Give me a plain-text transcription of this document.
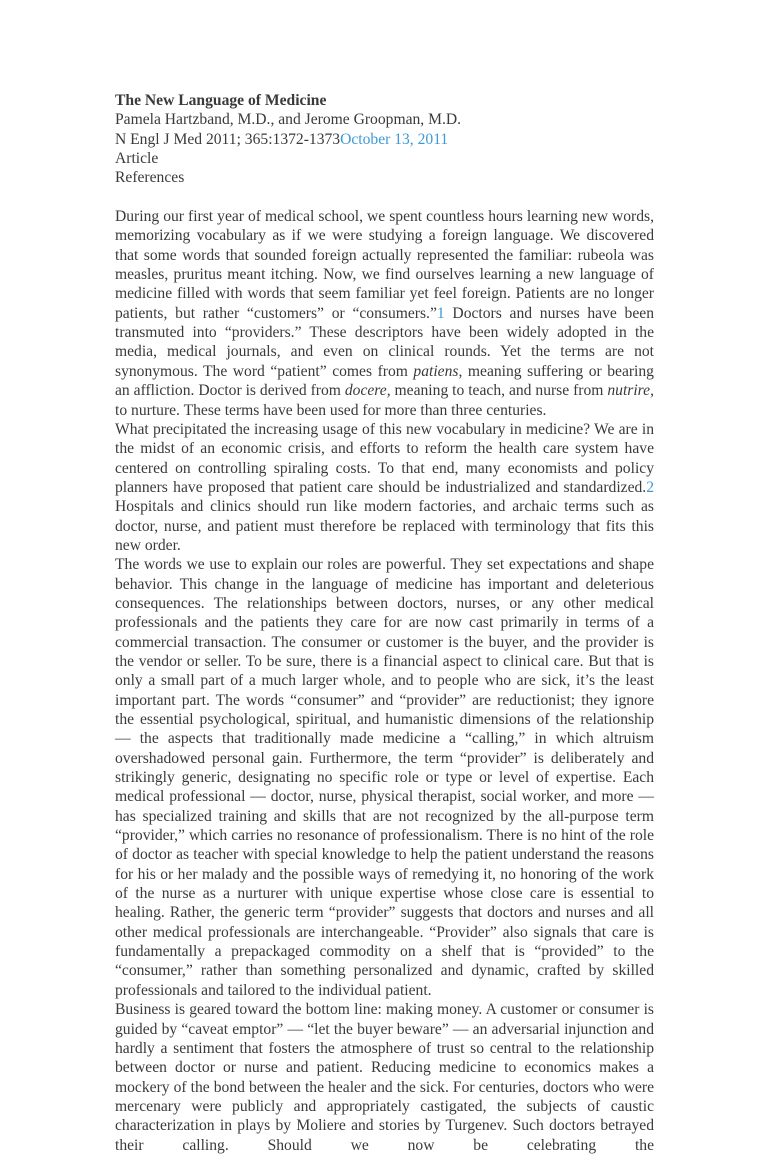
The New Language of Medicine
Pamela Hartzband, M.D., and Jerome Groopman, M.D.
N Engl J Med 2011; 365:1372-1373October 13, 2011
Article
References

During our first year of medical school, we spent countless hours learning new words, memorizing vocabulary as if we were studying a foreign language. We discovered that some words that sounded foreign actually represented the familiar: rubeola was measles, pruritus meant itching. Now, we find ourselves learning a new language of medicine filled with words that seem familiar yet feel foreign. Patients are no longer patients, but rather “customers” or “consumers.”1 Doctors and nurses have been transmuted into “providers.” These descriptors have been widely adopted in the media, medical journals, and even on clinical rounds. Yet the terms are not synonymous. The word “patient” comes from patiens, meaning suffering or bearing an affliction. Doctor is derived from docere, meaning to teach, and nurse from nutrire, to nurture. These terms have been used for more than three centuries.

What precipitated the increasing usage of this new vocabulary in medicine? We are in the midst of an economic crisis, and efforts to reform the health care system have centered on controlling spiraling costs. To that end, many economists and policy planners have proposed that patient care should be industrialized and standardized.2 Hospitals and clinics should run like modern factories, and archaic terms such as doctor, nurse, and patient must therefore be replaced with terminology that fits this new order.

The words we use to explain our roles are powerful. They set expectations and shape behavior. This change in the language of medicine has important and deleterious consequences. The relationships between doctors, nurses, or any other medical professionals and the patients they care for are now cast primarily in terms of a commercial transaction. The consumer or customer is the buyer, and the provider is the vendor or seller. To be sure, there is a financial aspect to clinical care. But that is only a small part of a much larger whole, and to people who are sick, it’s the least important part. The words “consumer” and “provider” are reductionist; they ignore the essential psychological, spiritual, and humanistic dimensions of the relationship — the aspects that traditionally made medicine a “calling,” in which altruism overshadowed personal gain. Furthermore, the term “provider” is deliberately and strikingly generic, designating no specific role or type or level of expertise. Each medical professional — doctor, nurse, physical therapist, social worker, and more — has specialized training and skills that are not recognized by the all-purpose term “provider,” which carries no resonance of professionalism. There is no hint of the role of doctor as teacher with special knowledge to help the patient understand the reasons for his or her malady and the possible ways of remedying it, no honoring of the work of the nurse as a nurturer with unique expertise whose close care is essential to healing. Rather, the generic term “provider” suggests that doctors and nurses and all other medical professionals are interchangeable. “Provider” also signals that care is fundamentally a prepackaged commodity on a shelf that is “provided” to the “consumer,” rather than something personalized and dynamic, crafted by skilled professionals and tailored to the individual patient.

Business is geared toward the bottom line: making money. A customer or consumer is guided by “caveat emptor” — “let the buyer beware” — an adversarial injunction and hardly a sentiment that fosters the atmosphere of trust so central to the relationship between doctor or nurse and patient. Reducing medicine to economics makes a mockery of the bond between the healer and the sick. For centuries, doctors who were mercenary were publicly and appropriately castigated, the subjects of caustic characterization in plays by Moliere and stories by Turgenev. Such doctors betrayed their calling. Should we now be celebrating the
